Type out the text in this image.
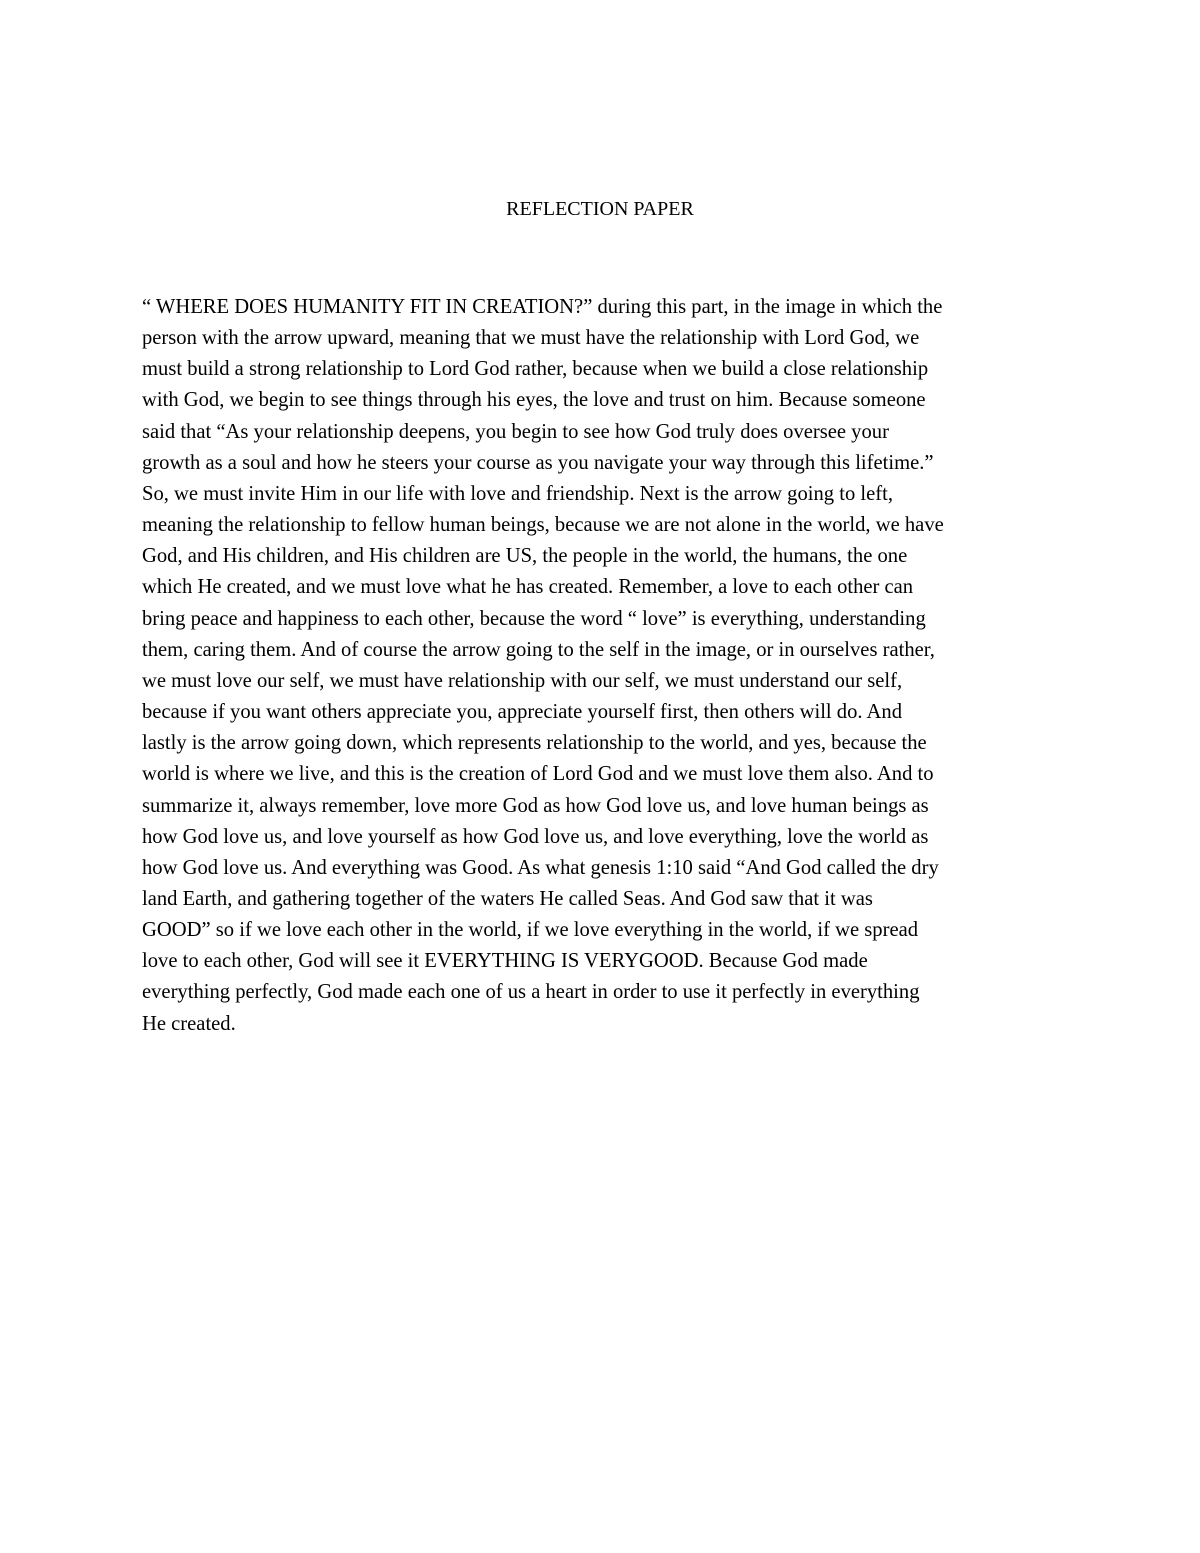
REFLECTION PAPER
“ WHERE DOES HUMANITY FIT IN CREATION?” during this part, in the image in which the
person with the arrow upward, meaning that we must have the relationship with Lord God, we
must build a strong relationship to Lord God rather, because when we build a close relationship
with God, we begin to see things through his eyes, the love and trust on him. Because someone
said that “As your relationship deepens, you begin to see how God truly does oversee your
growth as a soul and how he steers your course as you navigate your way through this lifetime.”
So, we must invite Him in our life with love and friendship. Next is the arrow going to left,
meaning the relationship to fellow human beings, because we are not alone in the world, we have
God, and His children, and His children are US, the people in the world, the humans, the one
which He created, and we must love what he has created. Remember, a love to each other can
bring peace and happiness to each other, because the word “ love” is everything, understanding
them, caring them. And of course the arrow going to the self in the image, or in ourselves rather,
we must love our self, we must have relationship with our self, we must understand our self,
because if you want others appreciate you, appreciate yourself first, then others will do. And
lastly is the arrow going down, which represents relationship to the world, and yes, because the
world is where we live, and this is the creation of Lord God and we must love them also. And to
summarize it, always remember, love more God as how God love us, and love human beings as
how God love us, and love yourself as how God love us, and love everything, love the world as
how God love us. And everything was Good. As what genesis 1:10 said “And God called the dry
land Earth, and gathering together of the waters He called Seas. And God saw that it was
GOOD” so if we love each other in the world, if we love everything in the world, if we spread
love to each other, God will see it EVERYTHING IS VERYGOOD. Because God made
everything perfectly, God made each one of us a heart in order to use it perfectly in everything
He created.
